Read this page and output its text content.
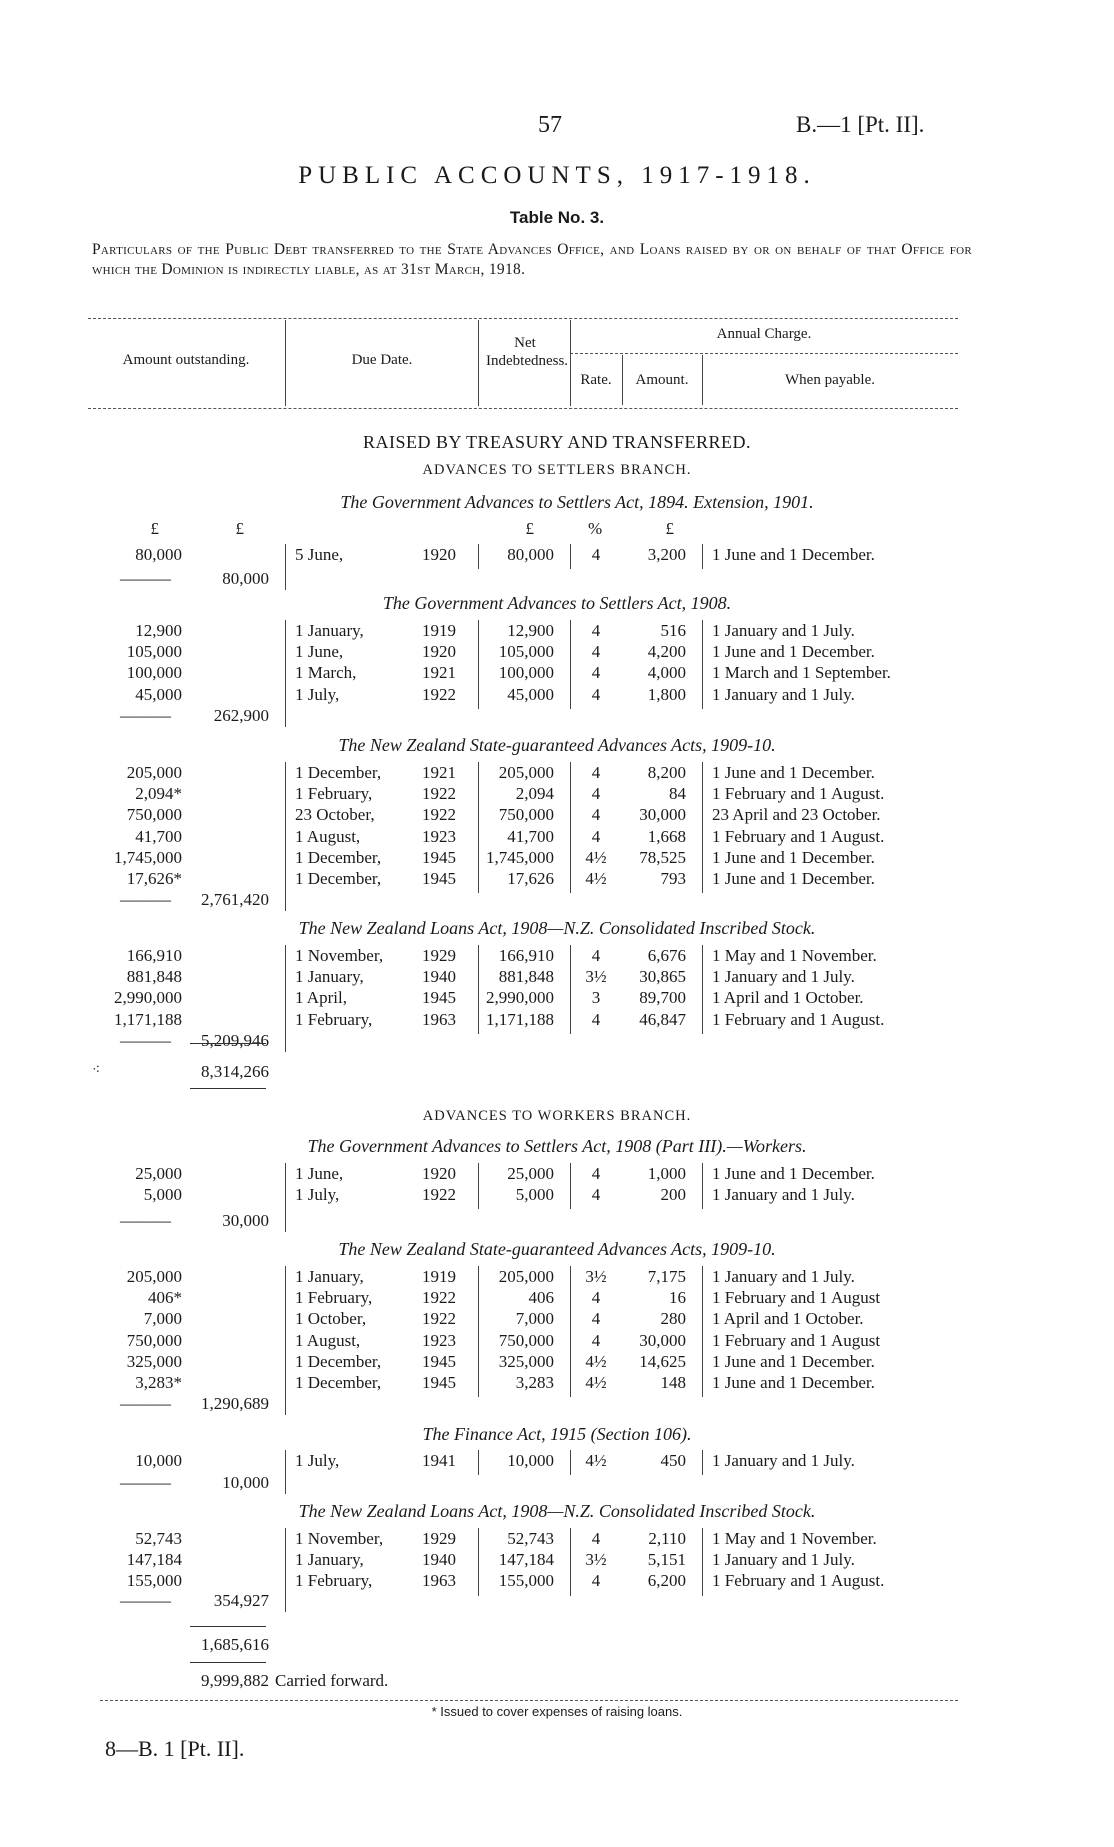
57	B.—1 [Pt. II].
PUBLIC ACCOUNTS, 1917-1918.
Table No. 3.
Particulars of the Public Debt transferred to the State Advances Office, and Loans raised by or on behalf of that Office for which the Dominion is indirectly liable, as at 31st March, 1918.
Amount outstanding.	Due Date.
Net Indebtedness.
Annual Charge.
Rate.	Amount.	When payable.
RAISED BY TREASURY AND TRANSFERRED.
ADVANCES TO SETTLERS BRANCH.
£	£	£	%	£
The Government Advances to Settlers Act, 1894. Extension, 1901.
The Government Advances to Settlers Act, 1908.
The New Zealand State-guaranteed Advances Acts, 1909-10.
The New Zealand Loans Act, 1908—N.Z. Consolidated Inscribed Stock.
ADVANCES TO WORKERS BRANCH.
The Government Advances to Settlers Act, 1908 (Part III).—Workers.
The New Zealand State-guaranteed Advances Acts, 1909-10.
The Finance Act, 1915 (Section 106).
The New Zealand Loans Act, 1908—N.Z. Consolidated Inscribed Stock.
80,000	5 June,	1920	80,000	4	3,200 1 June and 1 December.
———	80,000
12,900	1 January,	1919	12,900	4	516 1 January and 1 July.
105,000	1 June,	1920	105,000	4	4,200 1 June and 1 December.
100,000	1 March,	1921	100,000	4	4,000 1 March and 1 September.
45,000	1 July,	1922	45,000	4	1,800 1 January and 1 July.
———	262,900
205,000	1 December, 1921	205,000	4	8,200 1 June and 1 December.
2,094*	1 February,	1922	2,094	4	84 1 February and 1 August.
750,000	23 October,	1922	750,000	4	30,000 23 April and 23 October.
41,700	1 August,	1923	41,700	4	1,668 1 February and 1 August.
1,745,000	1 December, 1945 1,745,000	4½	78,525 1 June and 1 December.
17,626*	1 December, 1945	17,626	4½	793 1 June and 1 December.
——— 2,761,420
166,910	1 November, 1929	166,910	4	6,676 1 May and 1 November.
881,848	1 January,	1940	881,848	3½	30,865 1 January and 1 July.
2,990,000	1 April,	1945 2,990,000	3	89,700 1 April and 1 October.
1,171,188	1 February,	1963 1,171,188	4	46,847 1 February and 1 August.
——— 5,209,946
25,000	1 June,	1920	25,000	4	1,000 1 June and 1 December.
5,000	1 July,	1922	5,000	4	200 1 January and 1 July.
———	30,000
205,000	1 January,	1919	205,000	3½	7,175 1 January and 1 July.
406*	1 February,	1922	406	4	16 1 February and 1 August
7,000	1 October,	1922	7,000	4	280 1 April and 1 October.
750,000	1 August,	1923	750,000	4	30,000 1 February and 1 August
325,000	1 December, 1945	325,000	4½	14,625 1 June and 1 December.
3,283*	1 December, 1945	3,283	4½	148 1 June and 1 December.
——— 1,290,689
10,000	1 July,	1941	10,000	4½	450 1 January and 1 July.
———	10,000
52,743	1 November, 1929	52,743	4	2,110 1 May and 1 November.
147,184	1 January,	1940	147,184	3½	5,151 1 January and 1 July.
155,000	1 February,	1963	155,000	4	6,200 1 February and 1 August.
———	354,927
⁖	8,314,266
1,685,616
9,999,882 Carried forward.
* Issued to cover expenses of raising loans.
8—B. 1 [Pt. II].
